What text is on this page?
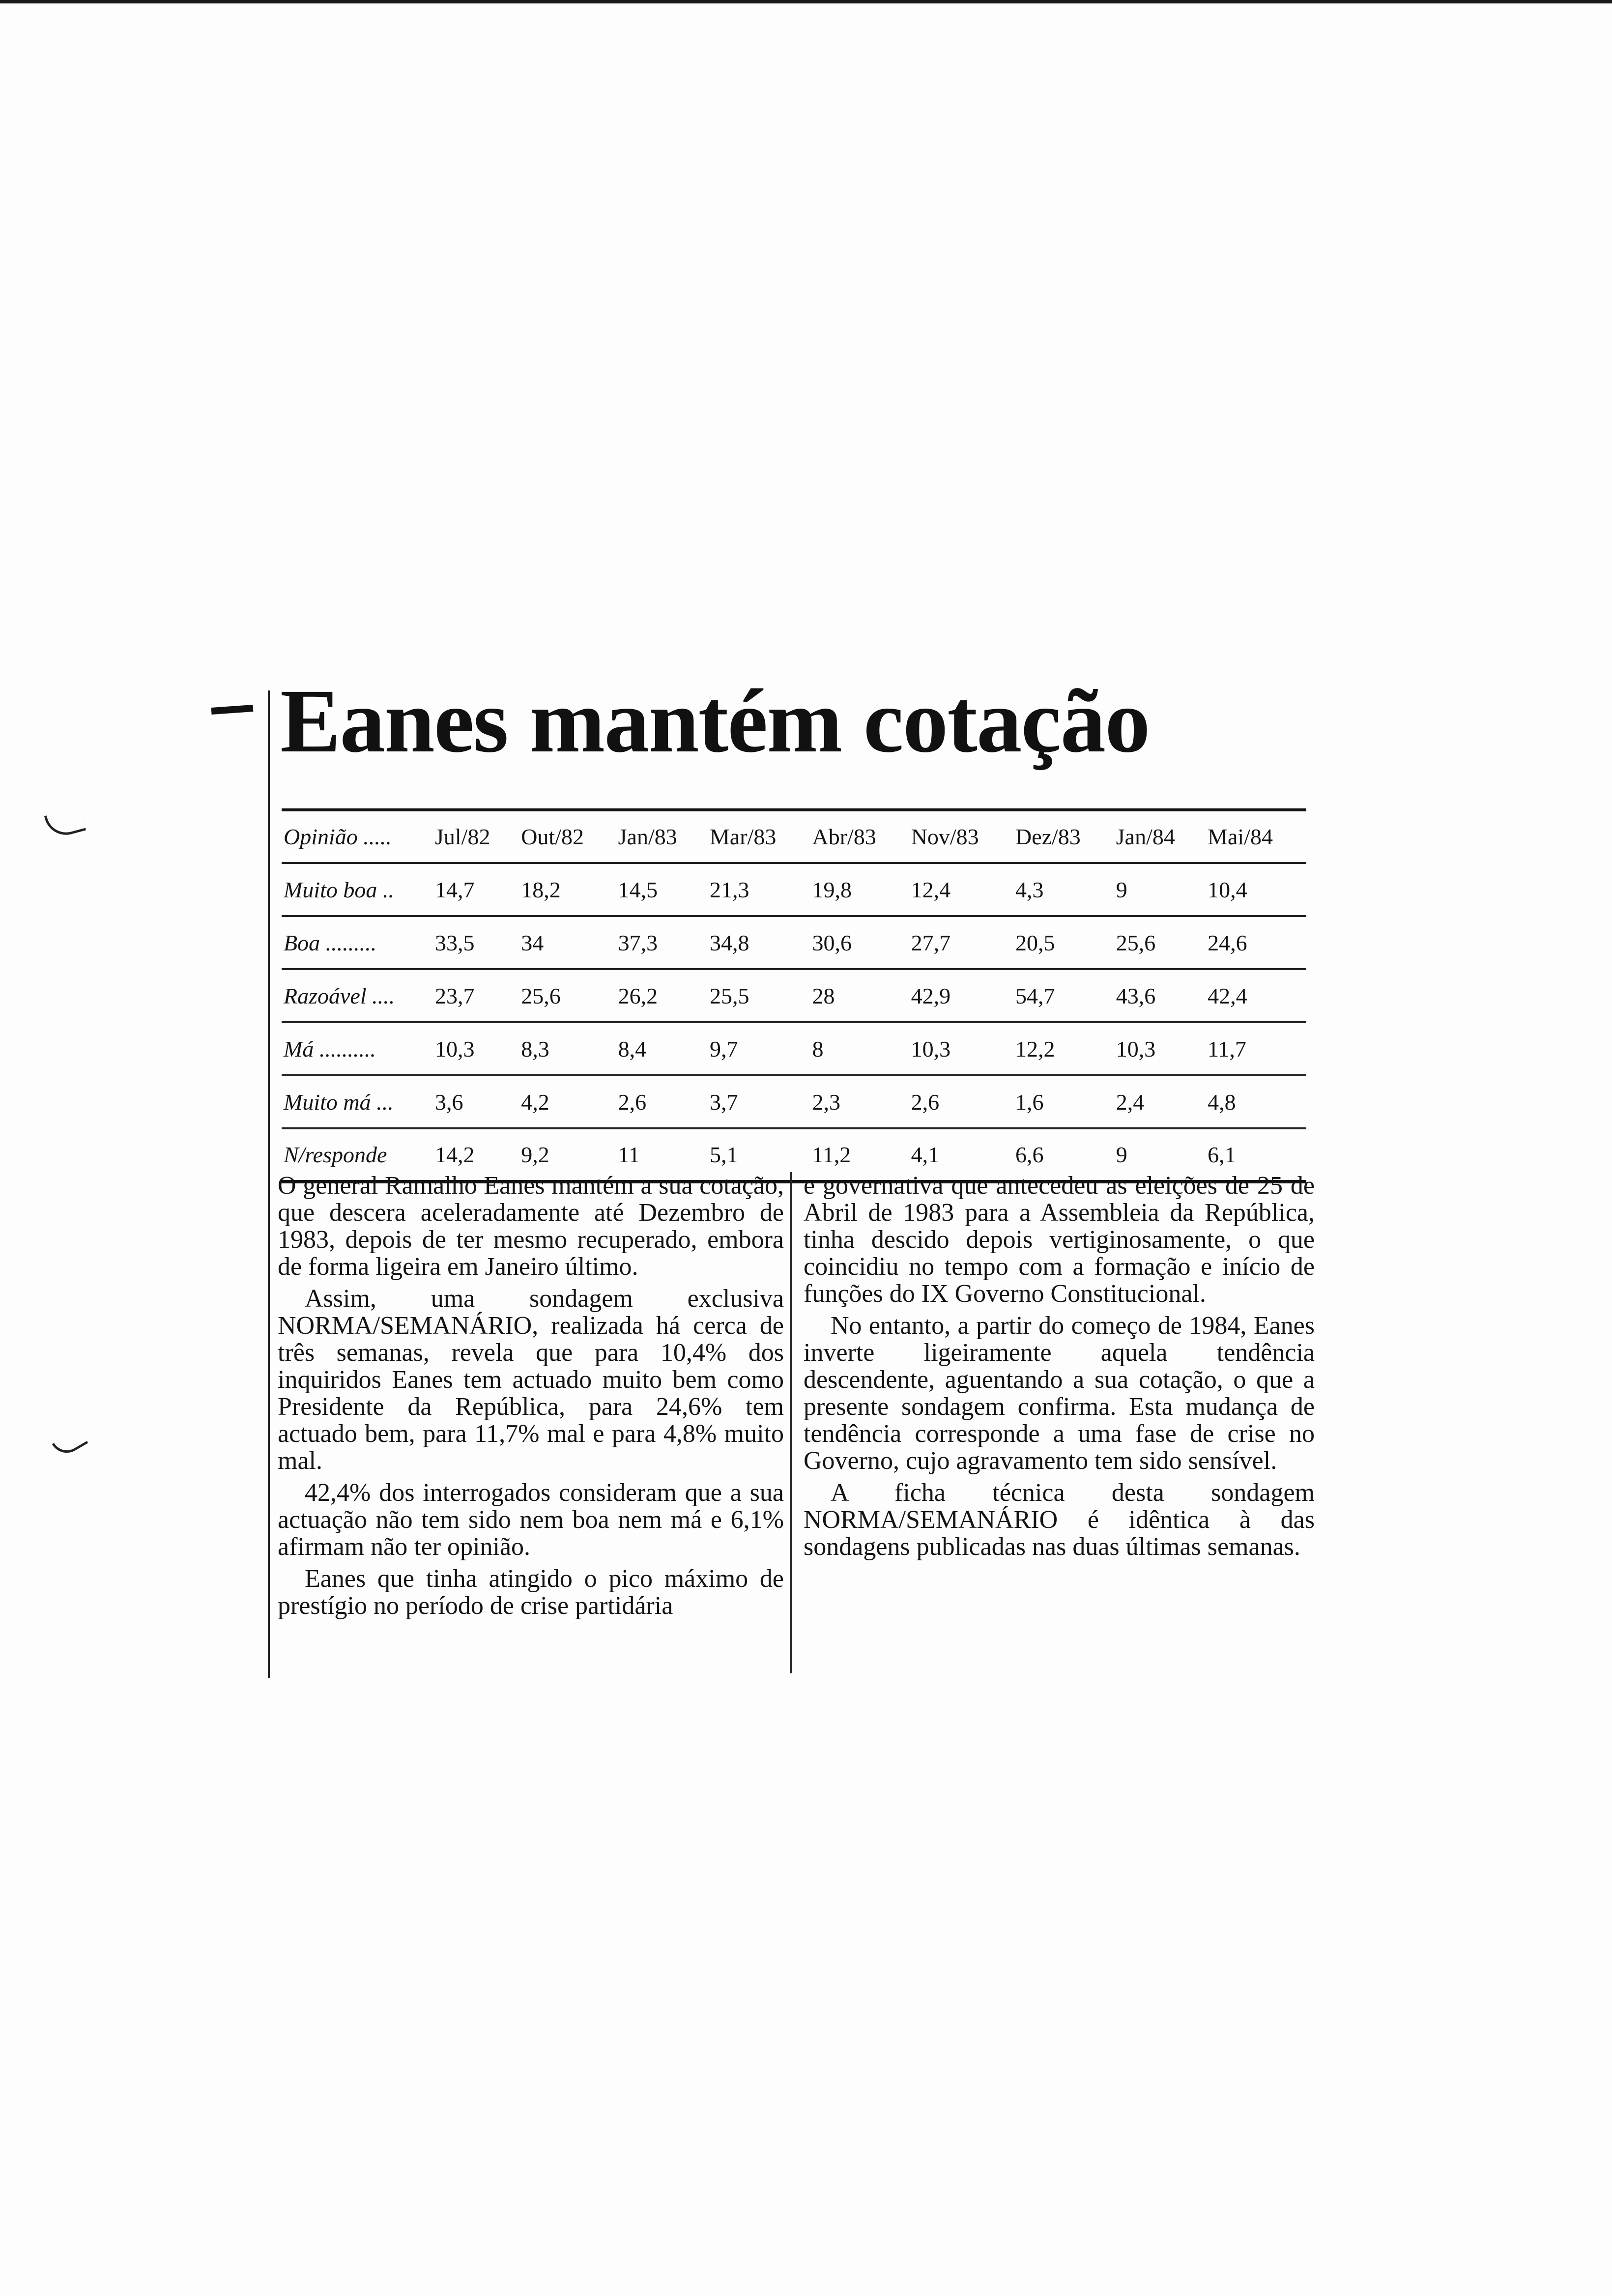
Eanes mantém cotação
Opinião .....	Jul/82	Out/82	Jan/83	Mar/83	Abr/83	Nov/83	Dez/83	Jan/84	Mai/84
Muito boa ..	14,7	18,2	14,5	21,3	19,8	12,4	4,3	9	10,4
Boa .........	33,5	34	37,3	34,8	30,6	27,7	20,5	25,6	24,6
Razoável ....	23,7	25,6	26,2	25,5	28	42,9	54,7	43,6	42,4
Má ..........	10,3	8,3	8,4	9,7	8	10,3	12,2	10,3	11,7
Muito má ...	3,6	4,2	2,6	3,7	2,3	2,6	1,6	2,4	4,8
N/responde	14,2	9,2	11	5,1	11,2	4,1	6,6	9	6,1

O general Ramalho Eanes mantém a sua cotação, que descera aceleradamente até Dezembro de 1983, depois de ter mesmo recuperado, embora de forma ligeira em Janeiro último.

Assim, uma sondagem exclusiva NORMA/SEMANÁRIO, realizada há cerca de três semanas, revela que para 10,4% dos inquiridos Eanes tem actuado muito bem como Presidente da República, para 24,6% tem actuado bem, para 11,7% mal e para 4,8% muito mal.

42,4% dos interrogados consideram que a sua actuação não tem sido nem boa nem má e 6,1% afirmam não ter opinião.

Eanes que tinha atingido o pico máximo de prestígio no período de crise partidária

e governativa que antecedeu as eleições de 25 de Abril de 1983 para a Assembleia da República, tinha descido depois vertiginosamente, o que coincidiu no tempo com a formação e início de funções do IX Governo Constitucional.

No entanto, a partir do começo de 1984, Eanes inverte ligeiramente aquela tendência descendente, aguentando a sua cotação, o que a presente sondagem confirma. Esta mudança de tendência corresponde a uma fase de crise no Governo, cujo agravamento tem sido sensível.

A ficha técnica desta sondagem NORMA/SEMANÁRIO é idêntica à das sondagens publicadas nas duas últimas semanas.
